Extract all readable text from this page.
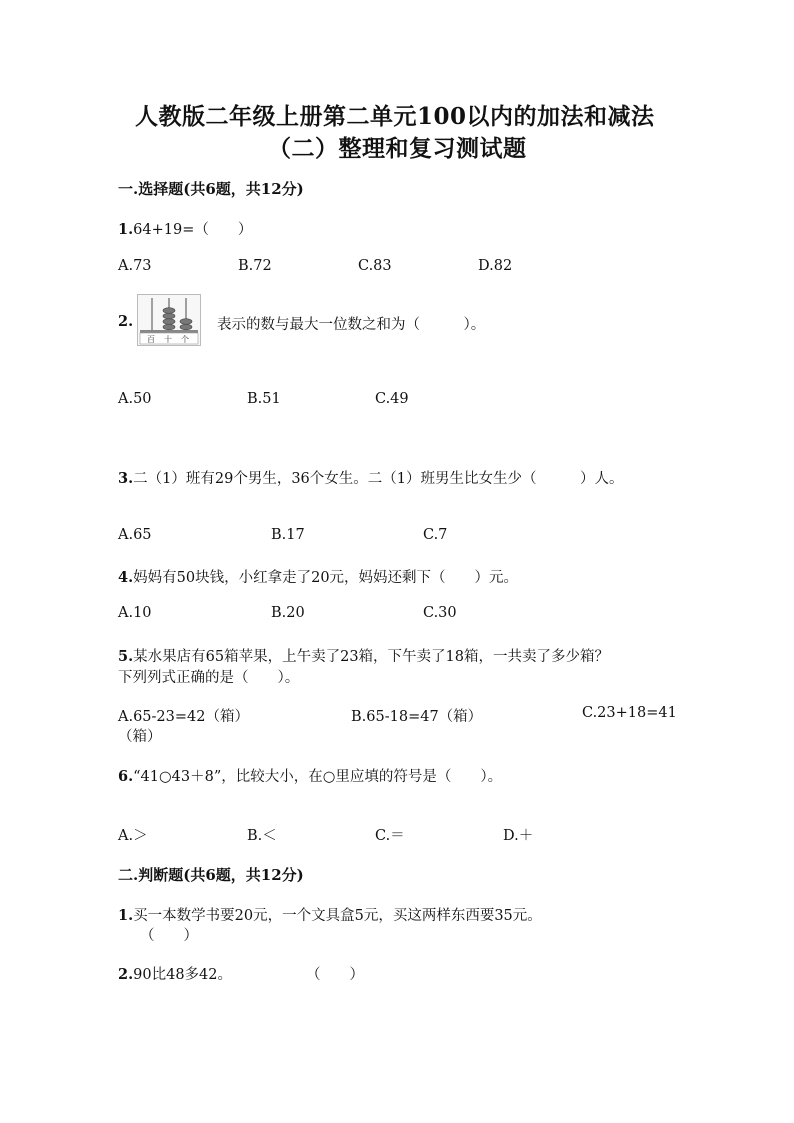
人教版二年级上册第二单元100以内的加法和减法
（二）整理和复习测试题
一.选择题(共6题，共12分)
1.64+19=（　　）
A.73	B.72	C.83	D.82
2.
百 十 个
表示的数与最大一位数之和为（　　　）。
A.50	B.51	C.49
3.二（1）班有29个男生，36个女生。二（1）班男生比女生少（　　　）人。
A.65	B.17	C.7
4.妈妈有50块钱，小红拿走了20元，妈妈还剩下（　　）元。
A.10	B.20	C.30
5.某水果店有65箱苹果，上午卖了23箱，下午卖了18箱，一共卖了多少箱？
下列列式正确的是（　　）。
A.65-23=42（箱）	B.65-18=47（箱）	C.23+18=41
（箱）
6.“41○43＋8”，比较大小，在○里应填的符号是（　　）。
A.＞	B.＜	C.＝	D.＋
二.判断题(共6题，共12分)
1.买一本数学书要20元，一个文具盒5元，买这两样东西要35元。
（　　）
2.90比48多42。	（　　）
